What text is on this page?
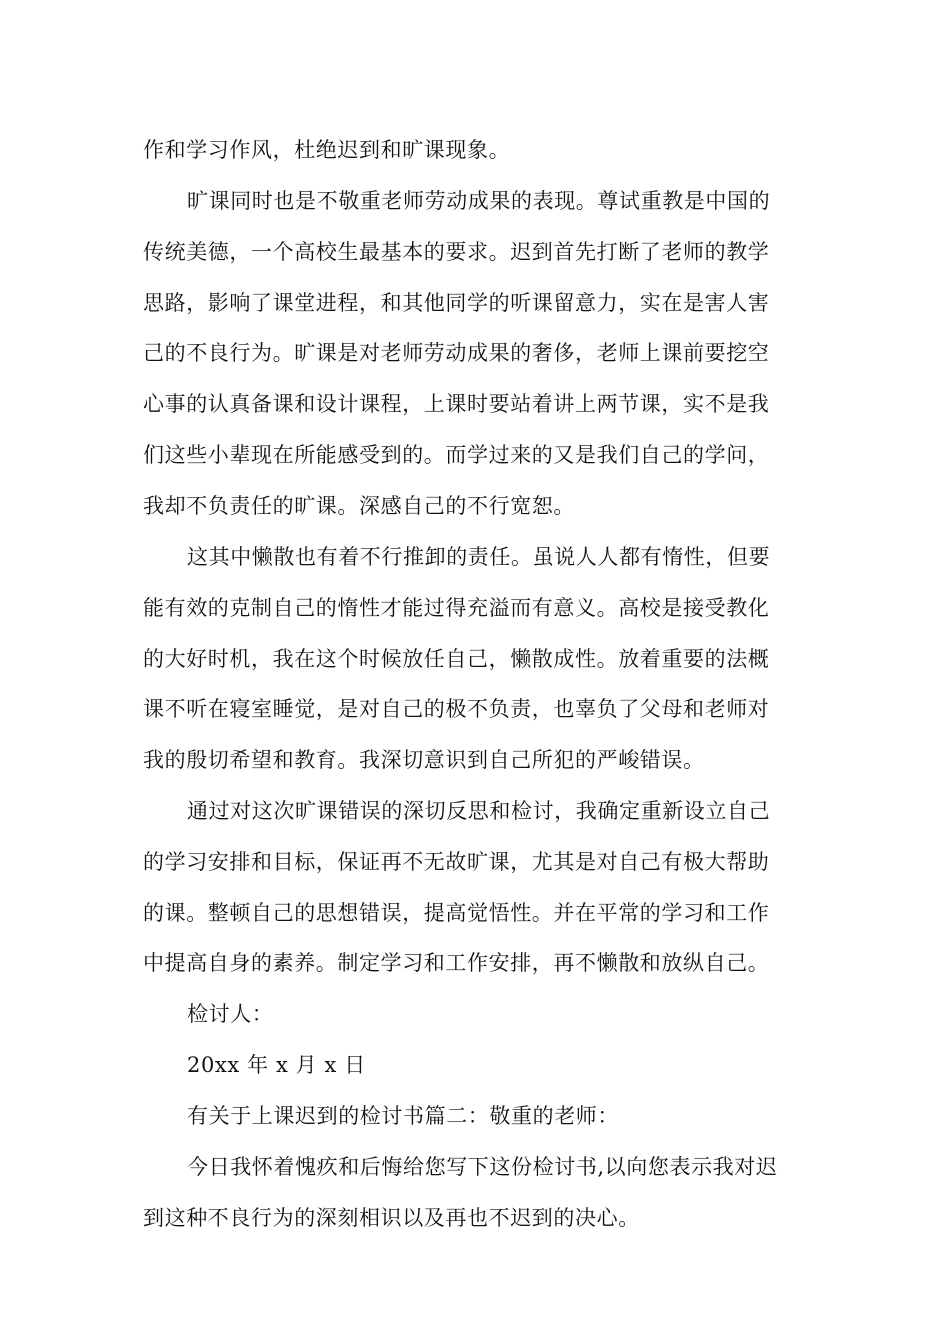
作和学习作风，杜绝迟到和旷课现象。
旷课同时也是不敬重老师劳动成果的表现。尊试重教是中国的
传统美德，一个高校生最基本的要求。迟到首先打断了老师的教学
思路，影响了课堂进程，和其他同学的听课留意力，实在是害人害
己的不良行为。旷课是对老师劳动成果的奢侈，老师上课前要挖空
心事的认真备课和设计课程，上课时要站着讲上两节课，实不是我
们这些小辈现在所能感受到的。而学过来的又是我们自己的学问，
我却不负责任的旷课。深感自己的不行宽恕。
这其中懒散也有着不行推卸的责任。虽说人人都有惰性，但要
能有效的克制自己的惰性才能过得充溢而有意义。高校是接受教化
的大好时机，我在这个时候放任自己，懒散成性。放着重要的法概
课不听在寝室睡觉，是对自己的极不负责，也辜负了父母和老师对
我的殷切希望和教育。我深切意识到自己所犯的严峻错误。
通过对这次旷课错误的深切反思和检讨，我确定重新设立自己
的学习安排和目标，保证再不无故旷课，尤其是对自己有极大帮助
的课。整顿自己的思想错误，提高觉悟性。并在平常的学习和工作
中提高自身的素养。制定学习和工作安排，再不懒散和放纵自己。
检讨人：
20xx 年 x 月 x 日
有关于上课迟到的检讨书篇二：敬重的老师：
今日我怀着愧疚和后悔给您写下这份检讨书,以向您表示我对迟
到这种不良行为的深刻相识以及再也不迟到的决心。
